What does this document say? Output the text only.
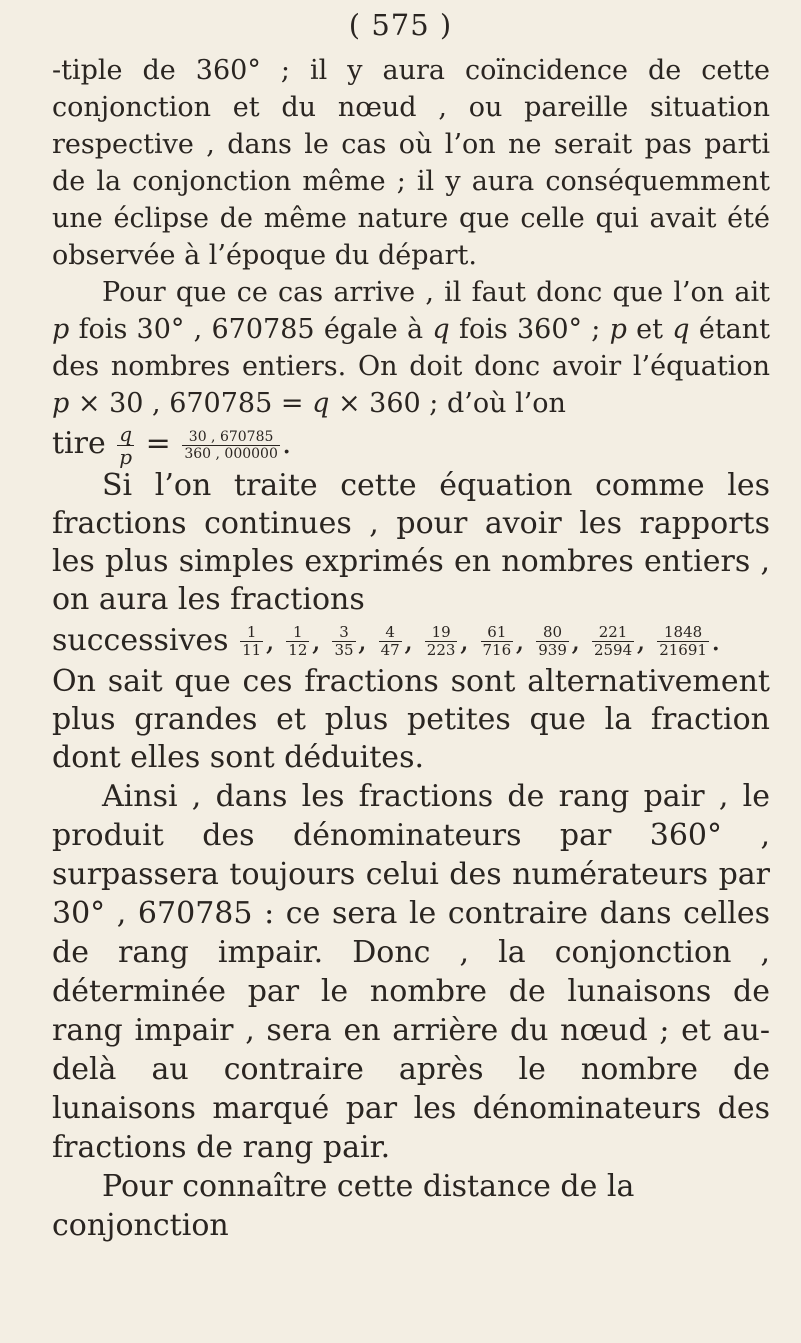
( 575 )

-tiple de 360° ; il y aura coïncidence de cette conjonction et du nœud , ou pareille situation respective , dans le cas où l’on ne serait pas parti de la conjonction même ; il y aura conséquemment une éclipse de même nature que celle qui avait été observée à l’époque du départ.

Pour que ce cas arrive , il faut donc que l’on ait p fois 30° , 670785 égale à q fois 360° ; p et q étant des nombres entiers. On doit donc avoir l’équation p × 30 , 670785 = q × 360 ; d’où l’on

tire $\frac{q}{p} = \frac{30 , 670785}{360 , 000000}$ .

Si l’on traite cette équation comme les fractions continues , pour avoir les rapports les plus simples exprimés en nombres entiers , on aura les fractions

successives $\frac{1}{11}$ , $\frac{1}{12}$ , $\frac{3}{35}$ , $\frac{4}{47}$ , $\frac{19}{223}$ , $\frac{61}{716}$ , $\frac{80}{939}$ , $\frac{221}{2594}$ , $\frac{1848}{21691}$ .

On sait que ces fractions sont alternativement plus grandes et plus petites que la fraction dont elles sont déduites.

Ainsi , dans les fractions de rang pair , le produit des dénominateurs par 360° , surpassera toujours celui des numérateurs par 30° , 670785 : ce sera le contraire dans celles de rang impair. Donc , la conjonction , déterminée par le nombre de lunaisons de rang impair , sera en arrière du nœud ; et au-delà au contraire après le nombre de lunaisons marqué par les dénominateurs des fractions de rang pair.

Pour connaître cette distance de la conjonction
